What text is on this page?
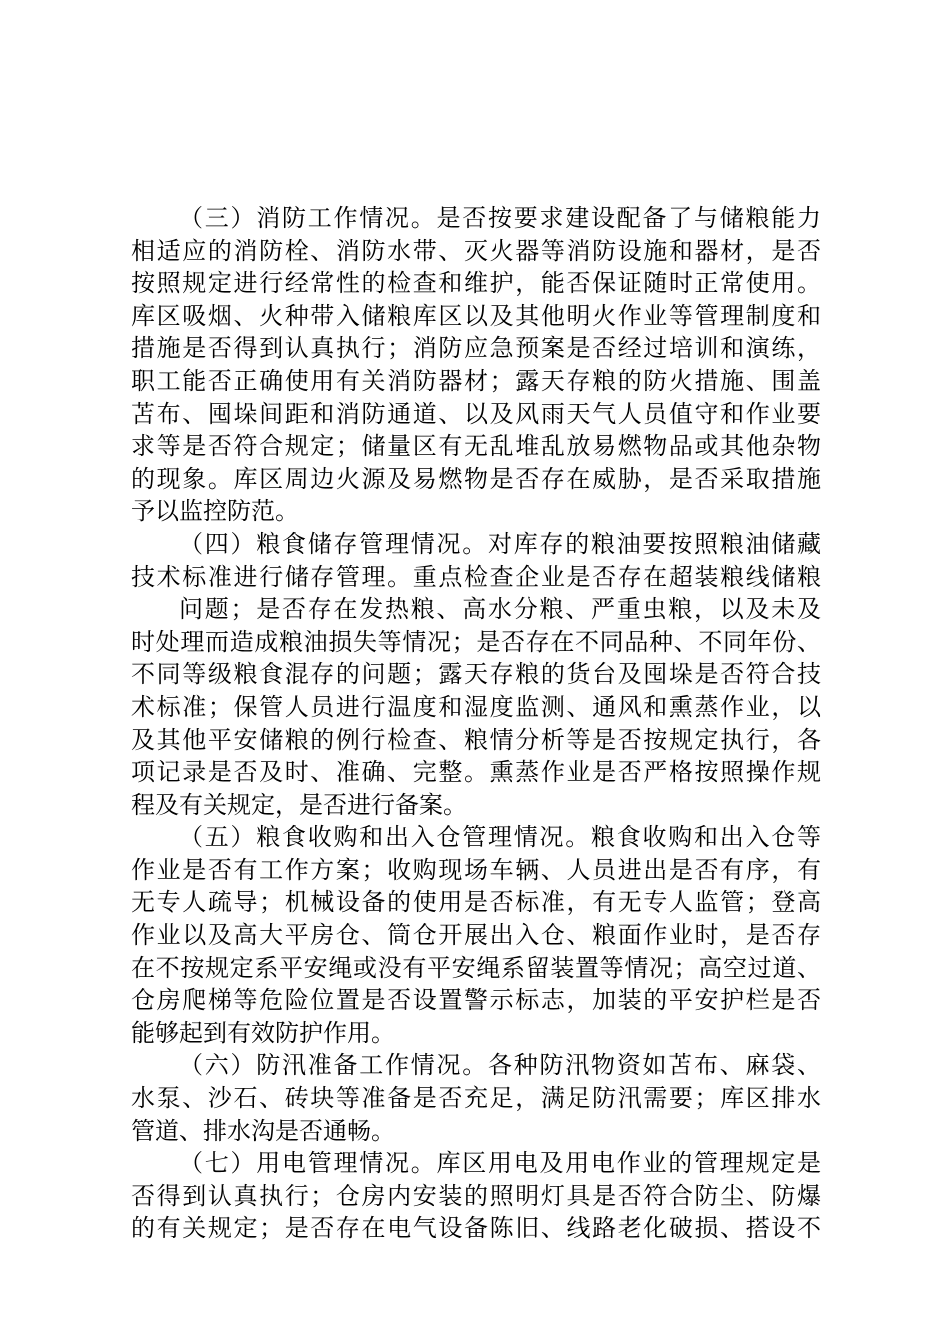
（三）消防工作情况。是否按要求建设配备了与储粮能力
相适应的消防栓、消防水带、灭火器等消防设施和器材，是否
按照规定进行经常性的检查和维护，能否保证随时正常使用。
库区吸烟、火种带入储粮库区以及其他明火作业等管理制度和
措施是否得到认真执行；消防应急预案是否经过培训和演练，
职工能否正确使用有关消防器材；露天存粮的防火措施、围盖
苫布、囤垛间距和消防通道、以及风雨天气人员值守和作业要
求等是否符合规定；储量区有无乱堆乱放易燃物品或其他杂物
的现象。库区周边火源及易燃物是否存在威胁，是否采取措施
予以监控防范。
（四）粮食储存管理情况。对库存的粮油要按照粮油储藏
技术标准进行储存管理。重点检查企业是否存在超装粮线储粮
问题；是否存在发热粮、高水分粮、严重虫粮，以及未及
时处理而造成粮油损失等情况；是否存在不同品种、不同年份、
不同等级粮食混存的问题；露天存粮的货台及囤垛是否符合技
术标准；保管人员进行温度和湿度监测、通风和熏蒸作业，以
及其他平安储粮的例行检查、粮情分析等是否按规定执行，各
项记录是否及时、准确、完整。熏蒸作业是否严格按照操作规
程及有关规定，是否进行备案。
（五）粮食收购和出入仓管理情况。粮食收购和出入仓等
作业是否有工作方案；收购现场车辆、人员进出是否有序，有
无专人疏导；机械设备的使用是否标准，有无专人监管；登高
作业以及高大平房仓、筒仓开展出入仓、粮面作业时，是否存
在不按规定系平安绳或没有平安绳系留装置等情况；高空过道、
仓房爬梯等危险位置是否设置警示标志，加装的平安护栏是否
能够起到有效防护作用。
（六）防汛准备工作情况。各种防汛物资如苫布、麻袋、
水泵、沙石、砖块等准备是否充足，满足防汛需要；库区排水
管道、排水沟是否通畅。
（七）用电管理情况。库区用电及用电作业的管理规定是
否得到认真执行；仓房内安装的照明灯具是否符合防尘、防爆
的有关规定；是否存在电气设备陈旧、线路老化破损、搭设不
